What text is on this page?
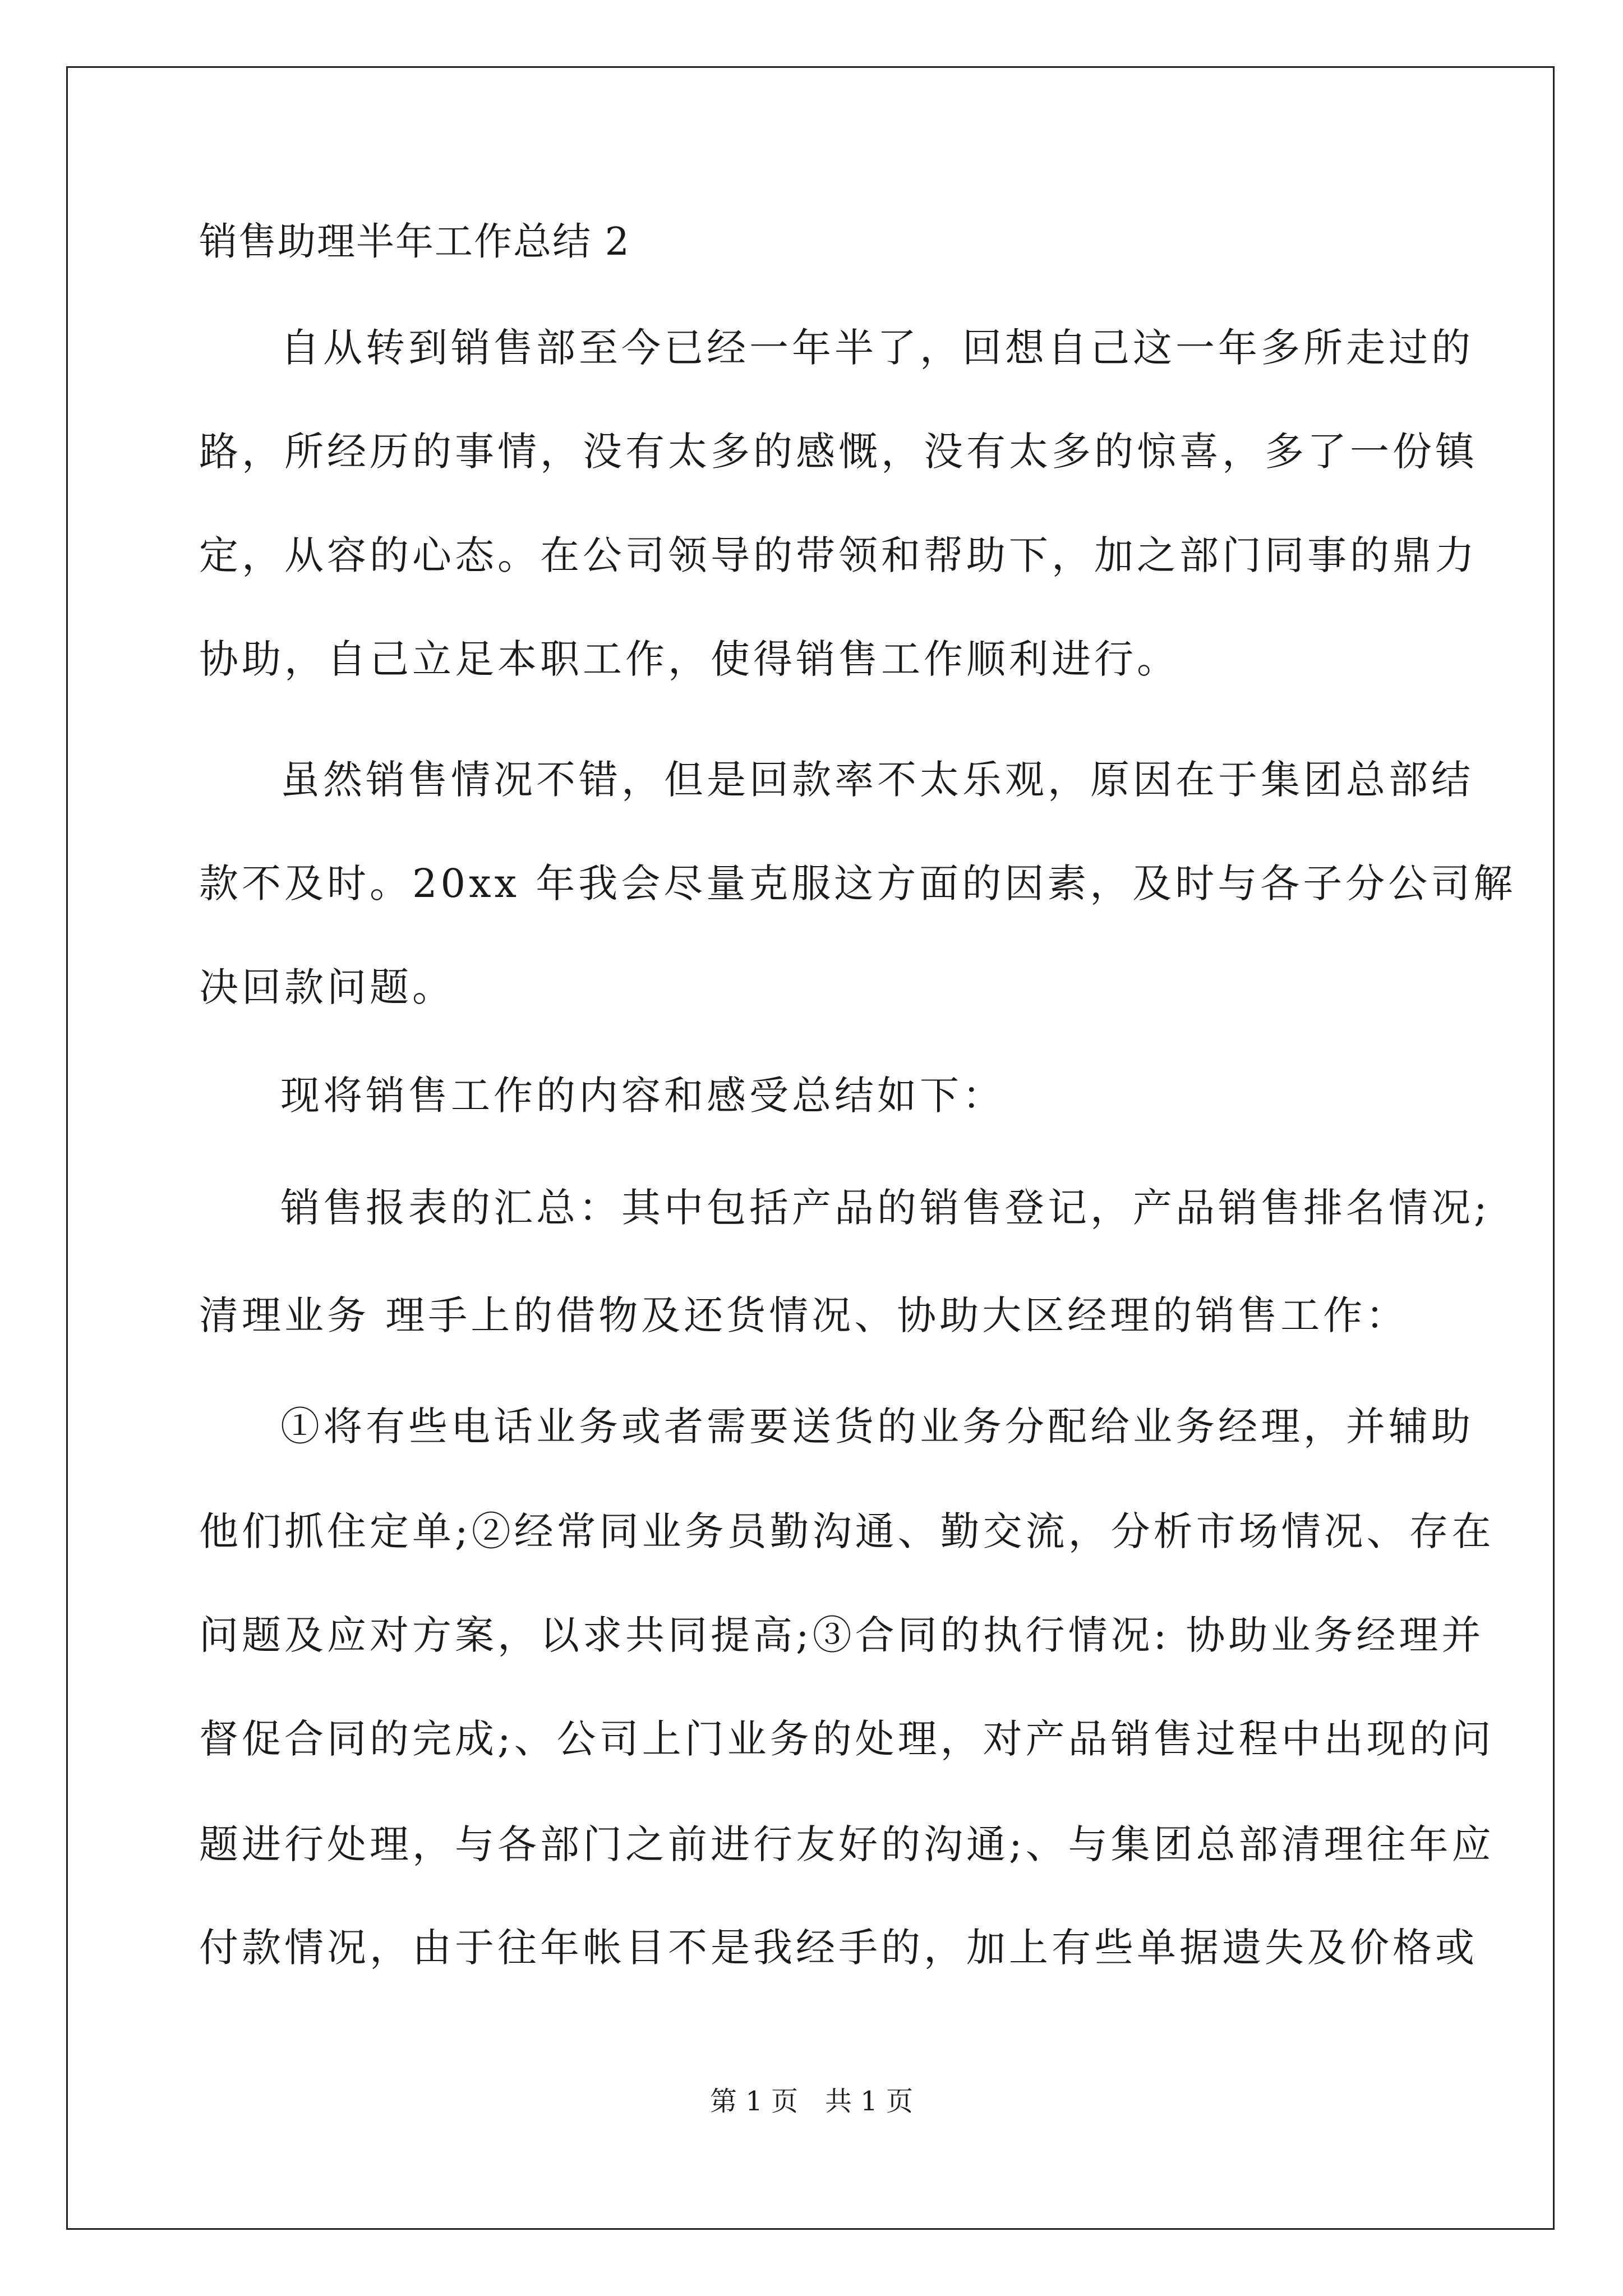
销售助理半年工作总结 2
自从转到销售部至今已经一年半了，回想自己这一年多所走过的
路，所经历的事情，没有太多的感慨，没有太多的惊喜，多了一份镇
定，从容的心态。在公司领导的带领和帮助下，加之部门同事的鼎力
协助，自己立足本职工作，使得销售工作顺利进行。
虽然销售情况不错，但是回款率不太乐观，原因在于集团总部结
款不及时。20xx 年我会尽量克服这方面的因素，及时与各子分公司解
决回款问题。
现将销售工作的内容和感受总结如下：
销售报表的汇总：其中包括产品的销售登记，产品销售排名情况;
清理业务 理手上的借物及还货情况、协助大区经理的销售工作：
①将有些电话业务或者需要送货的业务分配给业务经理，并辅助
他们抓住定单;②经常同业务员勤沟通、勤交流，分析市场情况、存在
问题及应对方案，以求共同提高;③合同的执行情况: 协助业务经理并
督促合同的完成;、公司上门业务的处理，对产品销售过程中出现的问
题进行处理，与各部门之前进行友好的沟通;、与集团总部清理往年应
付款情况，由于往年帐目不是我经手的，加上有些单据遗失及价格或
第 1 页　共 1 页
